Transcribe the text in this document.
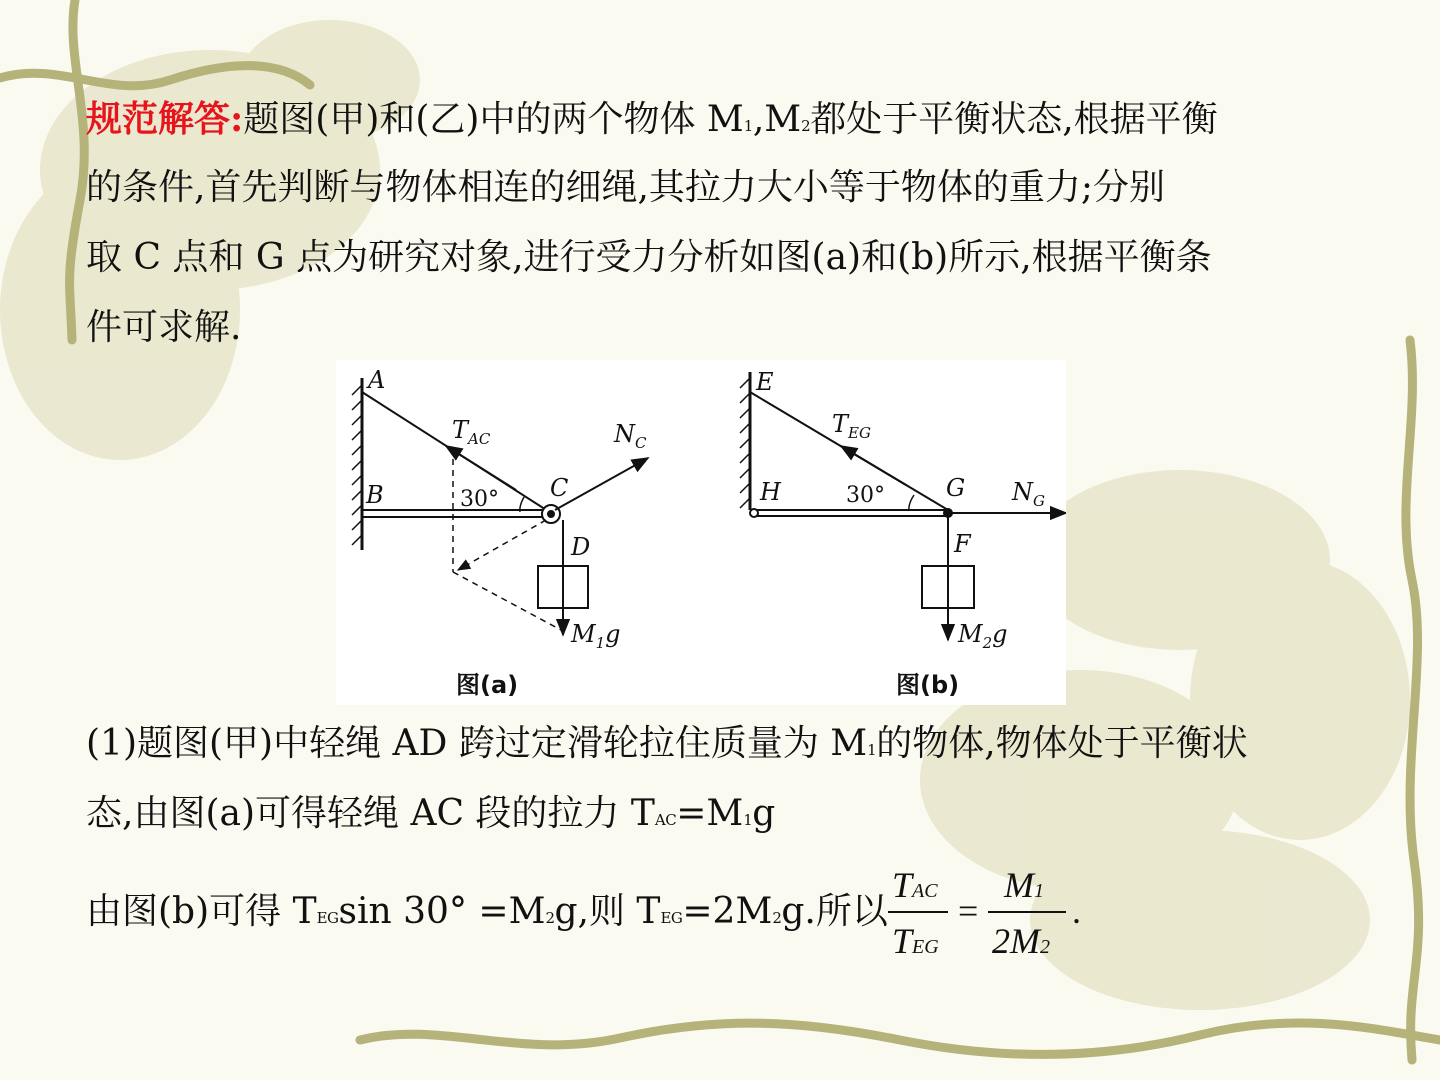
规范解答:题图(甲)和(乙)中的两个物体 M1,M2都处于平衡状态,根据平衡
的条件,首先判断与物体相连的细绳,其拉力大小等于物体的重力;分别
取 C 点和 G 点为研究对象,进行受力分析如图(a)和(b)所示,根据平衡条
件可求解.
A
B	C
D
$T_{AC}$	$N_C$
30°
$M_1g$
图(a)
E
H	G
F
$T_{EG}$
$N_G$
30°
$M_2g$
图(b)
(1)题图(甲)中轻绳 AD 跨过定滑轮拉住质量为 M1的物体,物体处于平衡状
态,由图(a)可得轻绳 AC 段的拉力 TAC=M1g
由图(b)可得 TEGsin 30° =M2g,则 TEG=2M2g.所以
TAC
TEG
=
M1
2M2
.
